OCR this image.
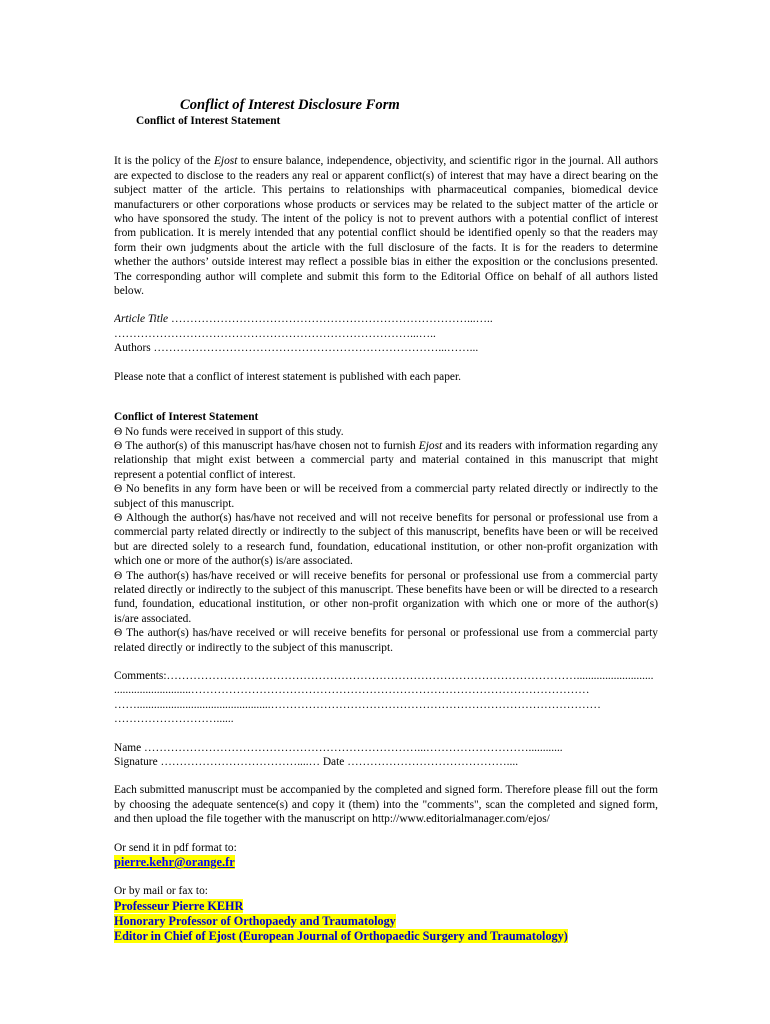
Conflict of Interest Disclosure Form
Conflict of Interest Statement

It is the policy of the Ejost to ensure balance, independence, objectivity, and scientific rigor in the journal. All authors are expected to disclose to the readers any real or apparent conflict(s) of interest that may have a direct bearing on the subject matter of the article. This pertains to relationships with pharmaceutical companies, biomedical device manufacturers or other corporations whose products or services may be related to the subject matter of the article or who have sponsored the study. The intent of the policy is not to prevent authors with a potential conflict of interest from publication. It is merely intended that any potential conflict should be identified openly so that the readers may form their own judgments about the article with the full disclosure of the facts. It is for the readers to determine whether the authors’ outside interest may reflect a possible bias in either the exposition or the conclusions presented. The corresponding author will complete and submit this form to the Editorial Office on behalf of all authors listed below.

Article Title ……………………………………………………………………...…..
……………………………………………………………………...…..
Authors …………………………………………………………………...……...

Please note that a conflict of interest statement is published with each paper.

Conflict of Interest Statement

Θ No funds were received in support of this study.

Θ The author(s) of this manuscript has/have chosen not to furnish Ejost and its readers with information regarding any relationship that might exist between a commercial party and material contained in this manuscript that might represent a potential conflict of interest.

Θ No benefits in any form have been or will be received from a commercial party related directly or indirectly to the subject of this manuscript.

Θ Although the author(s) has/have not received and will not receive benefits for personal or professional use from a commercial party related directly or indirectly to the subject of this manuscript, benefits have been or will be received but are directed solely to a research fund, foundation, educational institution, or other non-profit organization with which one or more of the author(s) is/are associated.

Θ The author(s) has/have received or will receive benefits for personal or professional use from a commercial party related directly or indirectly to the subject of this manuscript. These benefits have been or will be directed to a research fund, foundation, educational institution, or other non-profit organization with which one or more of the author(s) is/are associated.

Θ The author(s) has/have received or will receive benefits for personal or professional use from a commercial party related directly or indirectly to the subject of this manuscript.

Comments:………………………………………………………………………………………………...........................
...........................……………………………………………………………………………………………
……...............................................……………………………………………………………………………
………………………......
Name ………………………………………………………………...………………………............
Signature ………………………………....… Date ……………………………………....

Each submitted manuscript must be accompanied by the completed and signed form. Therefore please fill out the form by choosing the adequate sentence(s) and copy it (them) into the "comments", scan the completed and signed form, and then upload the file together with the manuscript on http://www.editorialmanager.com/ejos/

Or send it in pdf format to:
pierre.kehr@orange.fr
Or by mail or fax to:
Professeur Pierre KEHR
Honorary Professor of Orthopaedy and Traumatology
Editor in Chief of Ejost (European Journal of Orthopaedic Surgery and Traumatology)
